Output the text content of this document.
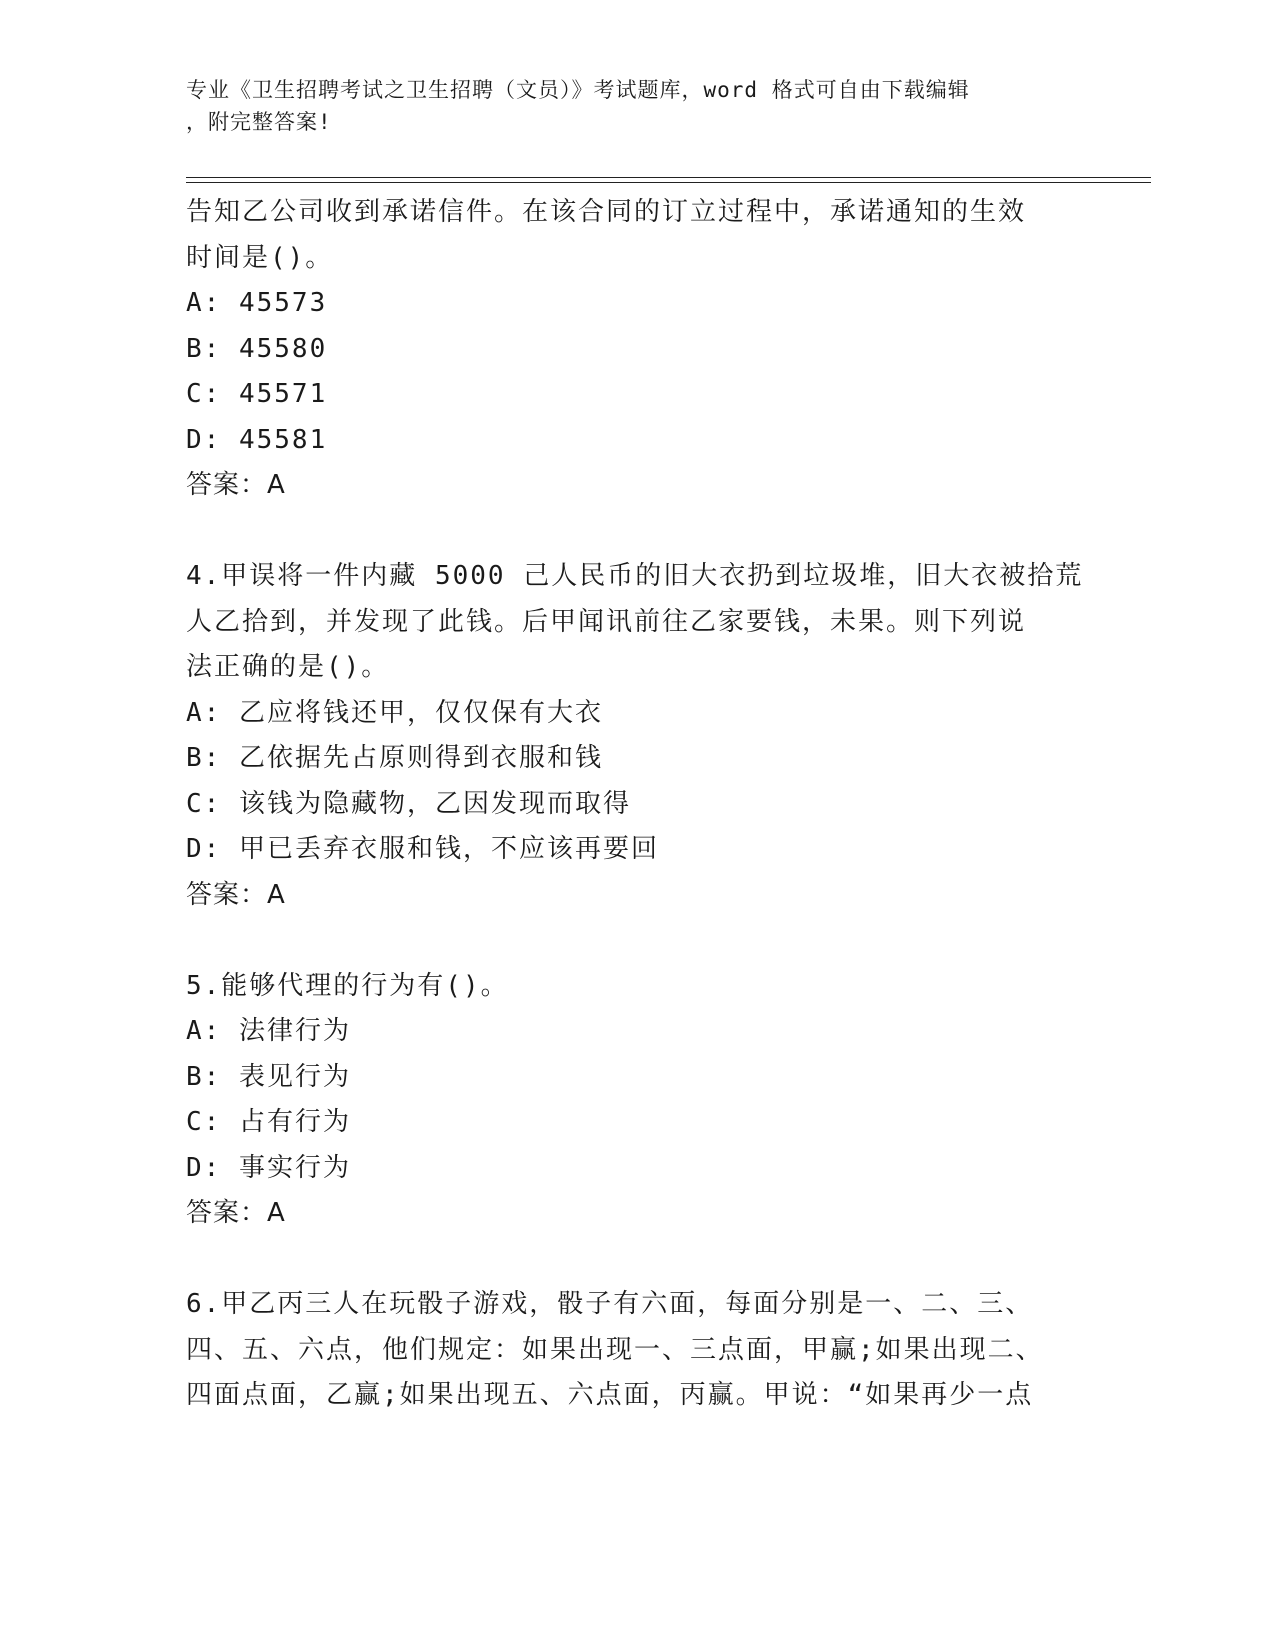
专业《卫生招聘考试之卫生招聘（文员）》考试题库，word 格式可自由下载编辑
，附完整答案!
告知乙公司收到承诺信件。在该合同的订立过程中，承诺通知的生效
时间是()。
A: 45573
B: 45580
C: 45571
D: 45581
答案：A
4.甲误将一件内藏 5000 己人民币的旧大衣扔到垃圾堆，旧大衣被拾荒
人乙拾到，并发现了此钱。后甲闻讯前往乙家要钱，未果。则下列说
法正确的是()。
A: 乙应将钱还甲，仅仅保有大衣
B: 乙依据先占原则得到衣服和钱
C: 该钱为隐藏物，乙因发现而取得
D: 甲已丢弃衣服和钱，不应该再要回
答案：A
5.能够代理的行为有()。
A: 法律行为
B: 表见行为
C: 占有行为
D: 事实行为
答案：A
6.甲乙丙三人在玩骰子游戏，骰子有六面，每面分别是一、二、三、
四、五、六点，他们规定：如果出现一、三点面，甲赢;如果出现二、
四面点面，乙赢;如果出现五、六点面，丙赢。甲说：“如果再少一点
